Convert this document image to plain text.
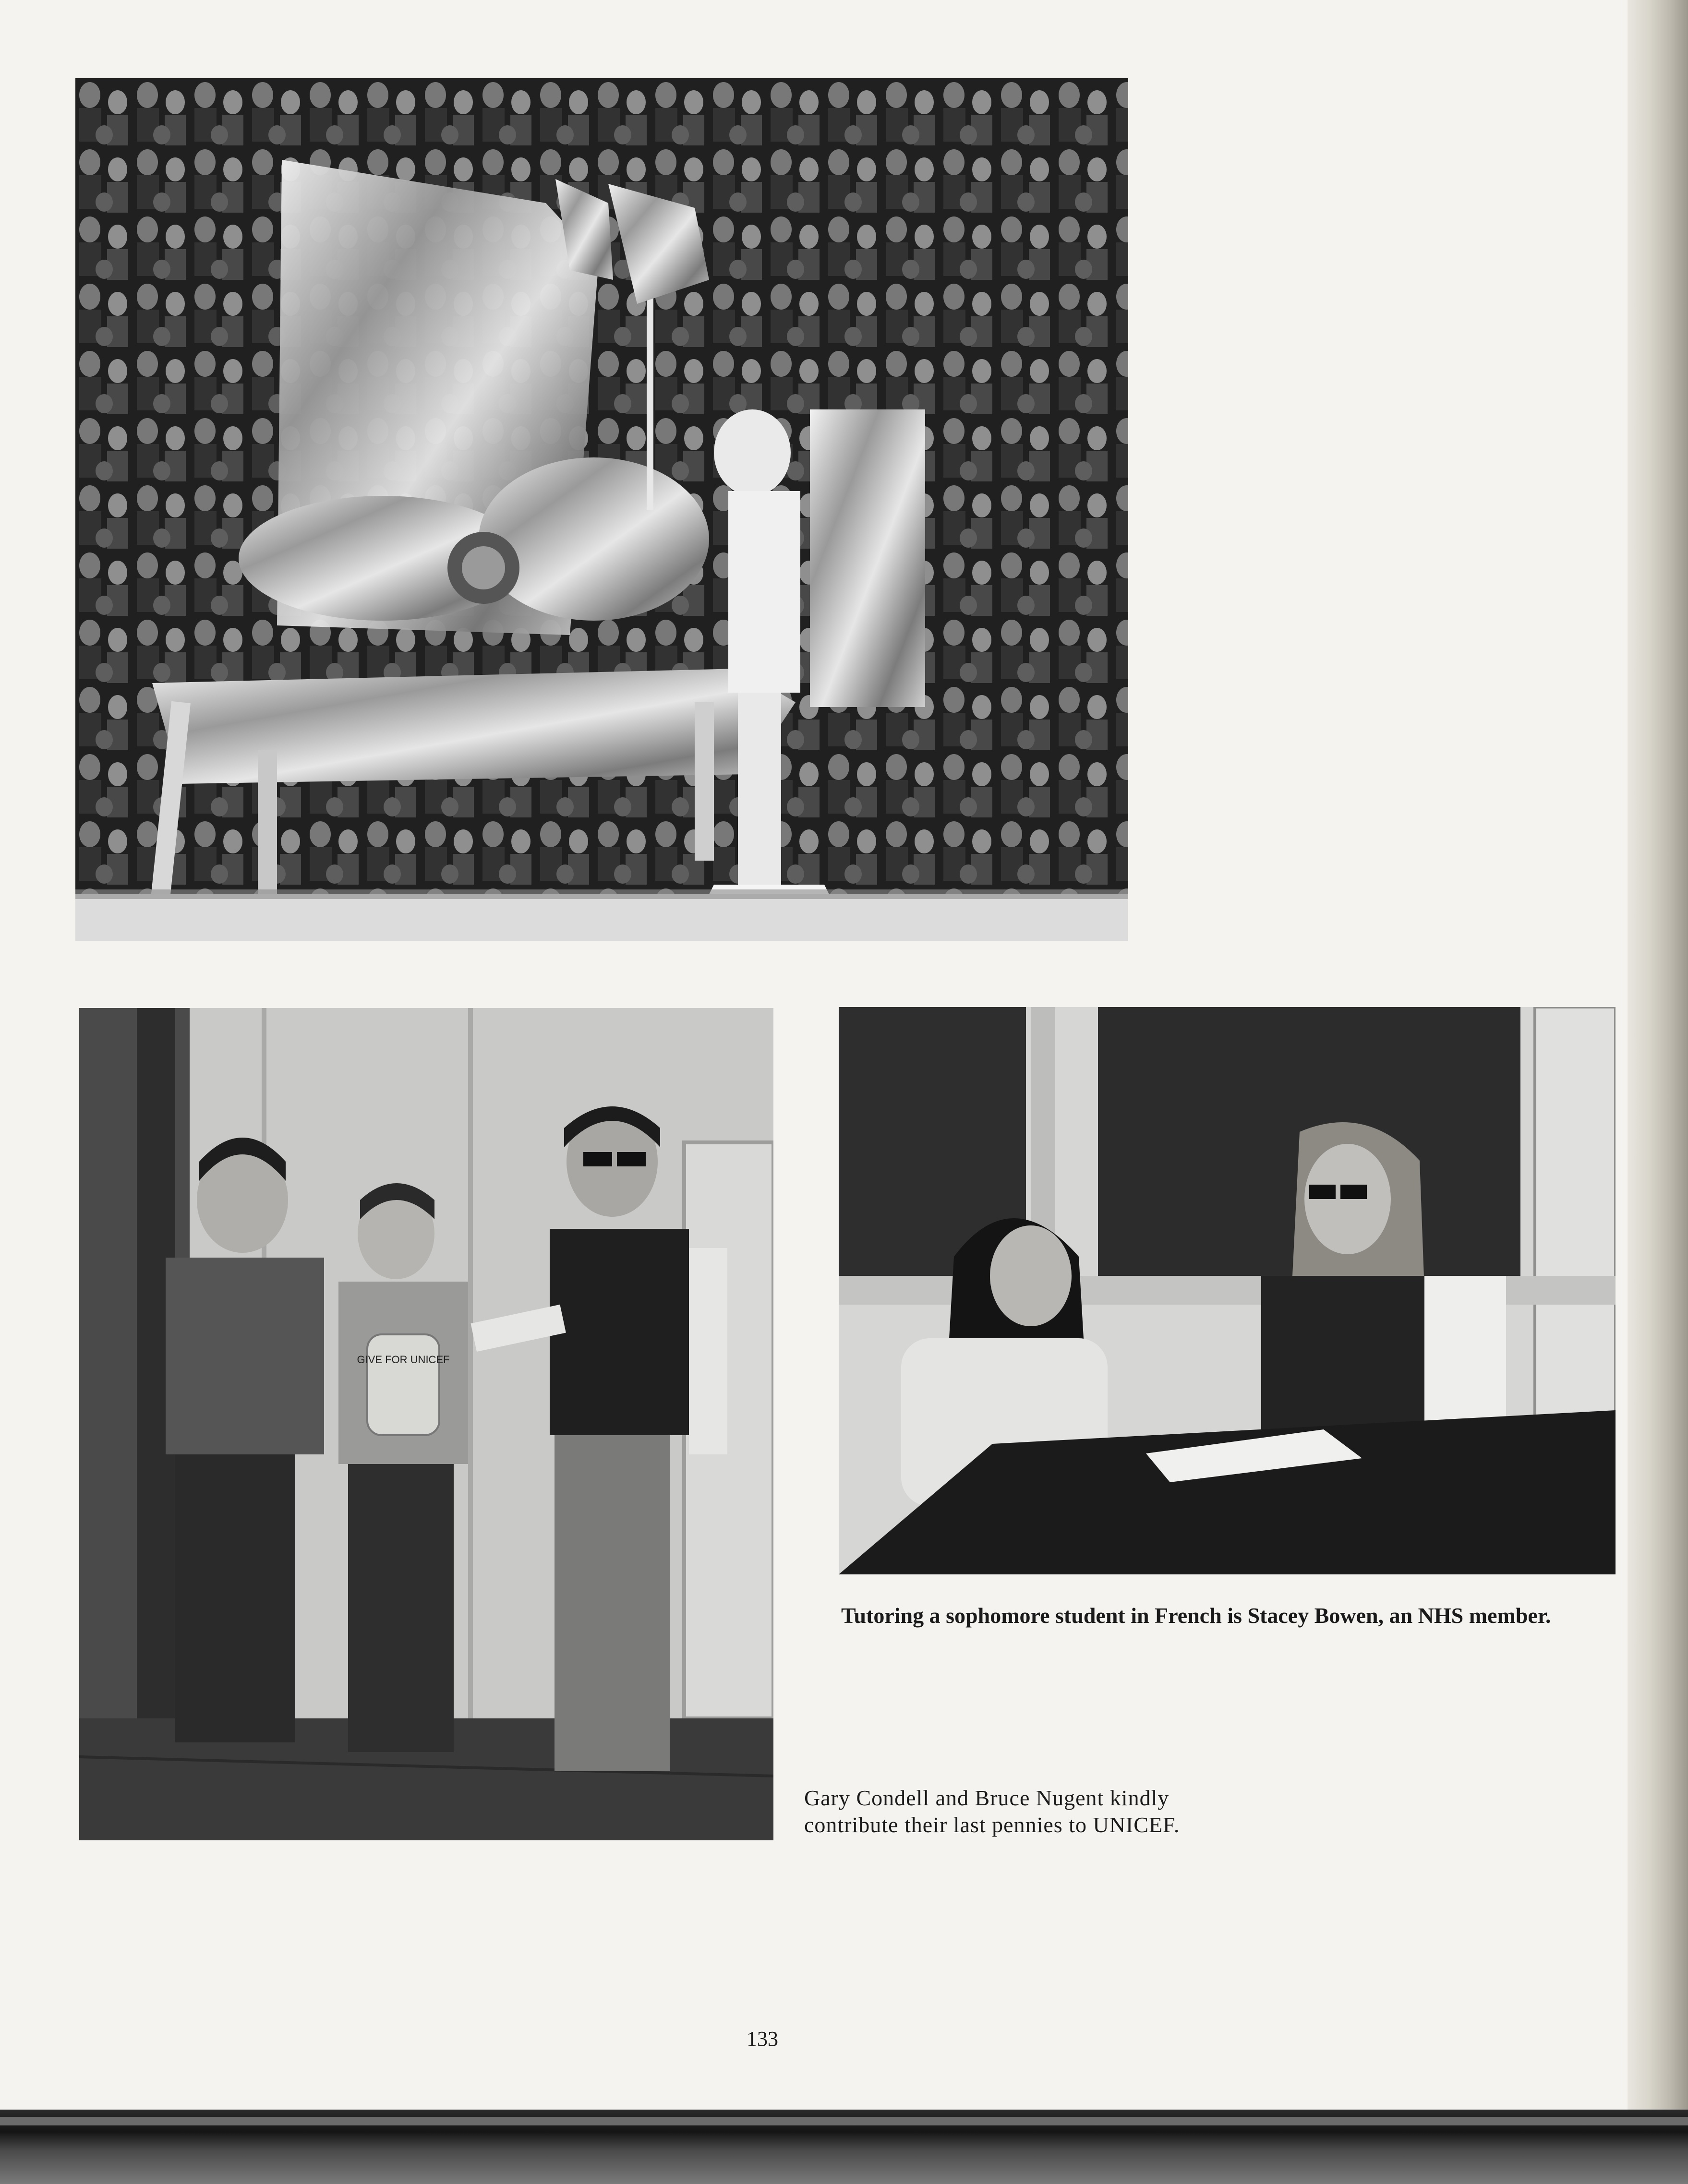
GIVE FOR UNICEF

Tutoring a sophomore student in French is Stacey Bowen, an NHS member.

Gary Condell and Bruce Nugent kindly contribute their last pennies to UNICEF.

133
